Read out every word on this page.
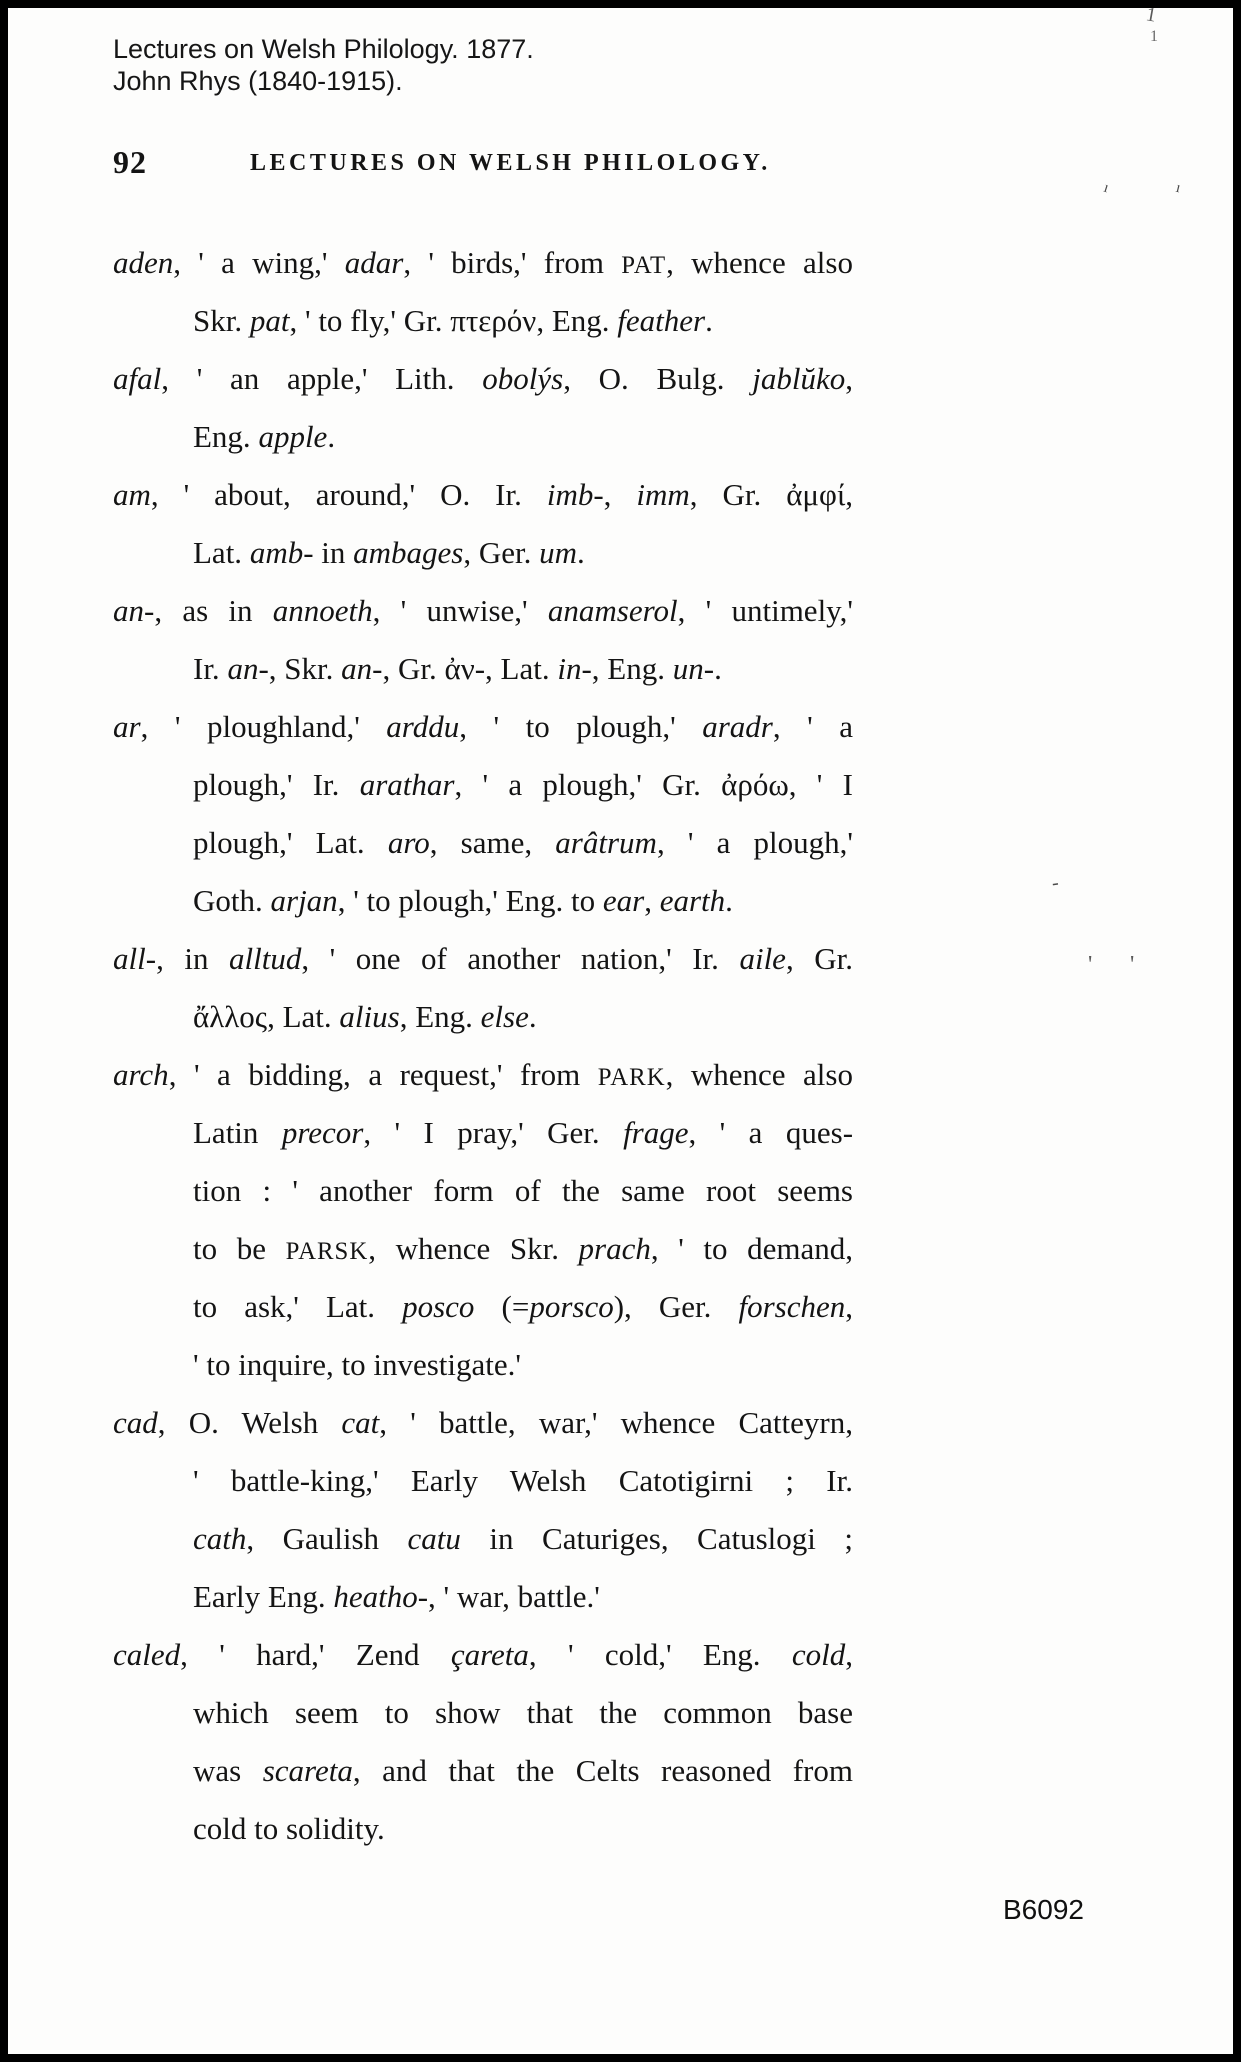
Lectures on Welsh Philology. 1877.
John Rhys (1840-1915).
92	LECTURES ON WELSH PHILOLOGY.
aden, ' a wing,' adar, ' birds,' from PAT, whence also
Skr. pat, ' to fly,' Gr. πτερόν, Eng. feather.
afal, ' an apple,' Lith. obolýs, O. Bulg. jablŭko,
Eng. apple.
am, ' about, around,' O. Ir. imb-, imm, Gr. ἀμφί,
Lat. amb- in ambages, Ger. um.
an-, as in annoeth, ' unwise,' anamserol, ' untimely,'
Ir. an-, Skr. an-, Gr. ἀν-, Lat. in-, Eng. un-.
ar, ' ploughland,' arddu, ' to plough,' aradr, ' a
plough,' Ir. arathar, ' a plough,' Gr. ἀρόω, ' I
plough,' Lat. aro, same, arâtrum, ' a plough,'
Goth. arjan, ' to plough,' Eng. to ear, earth.
all-, in alltud, ' one of another nation,' Ir. aile, Gr.
ἄλλος, Lat. alius, Eng. else.
arch, ' a bidding, a request,' from PARK, whence also
Latin precor, ' I pray,' Ger. frage, ' a ques-
tion : ' another form of the same root seems
to be PARSK, whence Skr. prach, ' to demand,
to ask,' Lat. posco (=porsco), Ger. forschen,
' to inquire, to investigate.'
cad, O. Welsh cat, ' battle, war,' whence Catteyrn,
' battle-king,' Early Welsh Catotigirni ; Ir.
cath, Gaulish catu in Caturiges, Catuslogi ;
Early Eng. heatho-, ' war, battle.'
caled, ' hard,' Zend çareta, ' cold,' Eng. cold,
which seem to show that the common base
was scareta, and that the Celts reasoned from
cold to solidity.
B6092
1
1
ı	ı
-
' '
